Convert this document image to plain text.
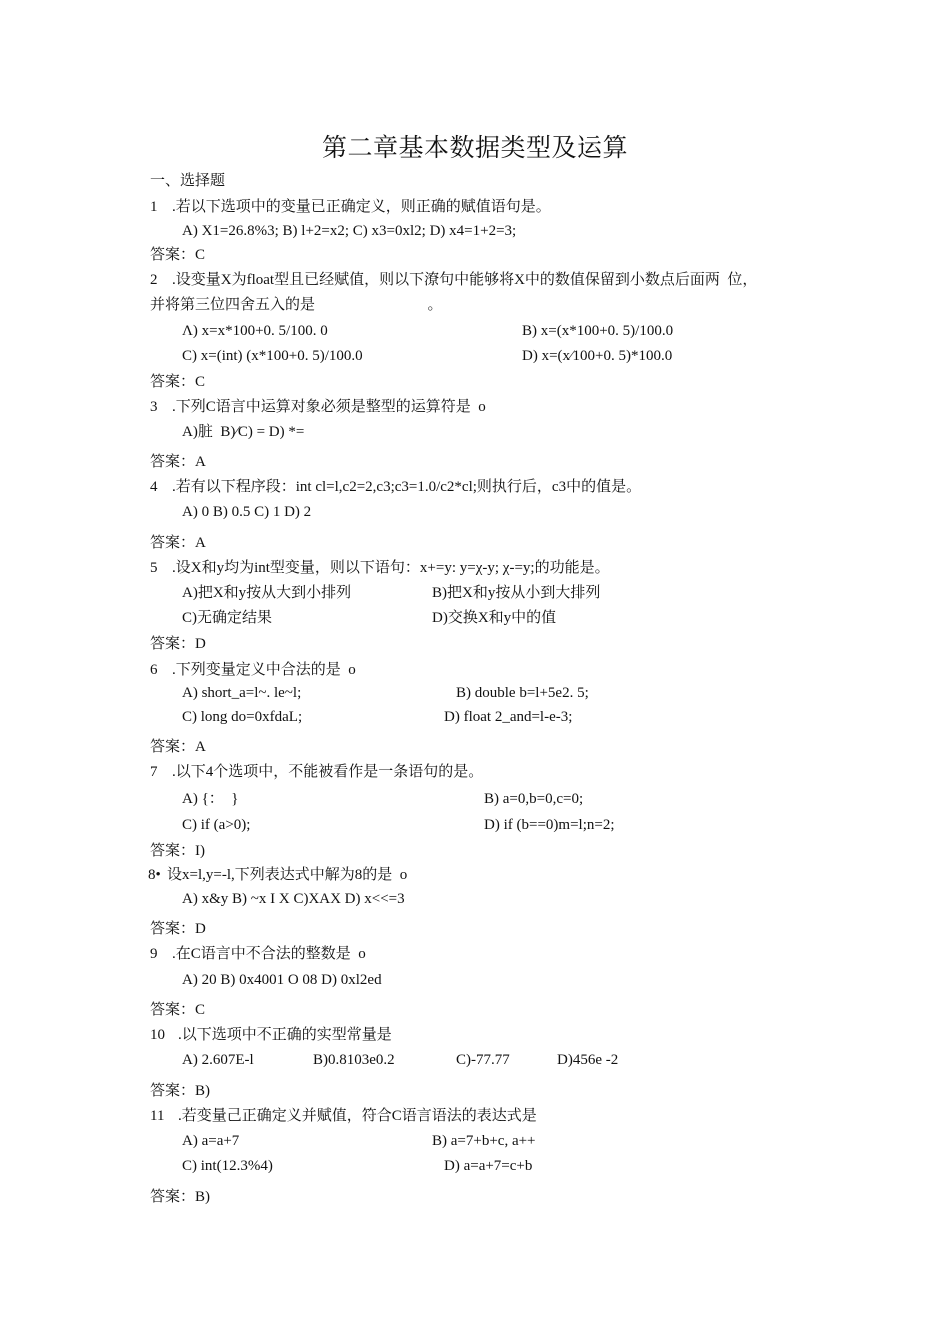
第二章基本数据类型及运算
一、选择题
1 .若以下选项中的变量已正确定义，则正确的赋值语句是。
A) X1=26.8%3; B) l+2=x2; C) x3=0xl2; D) x4=1+2=3;
答案：C
2 .设变量X为float型且已经赋值，则以下潦句中能够将X中的数值保留到小数点后面两  位，
并将第三位四舍五入的是                              。
Λ) x=x*100+0. 5/100. 0	B) x=(x*100+0. 5)/100.0
C) x=(int) (x*100+0. 5)/100.0	D) x=(x⁄100+0. 5)*100.0
答案：C
3 .下列C语言中运算对象必须是整型的运算符是  o
A)脏  B)∕C) = D) *=
答案：A
4 .若有以下程序段：int cl=l,c2=2,c3;c3=1.0/c2*cl;则执行后，c3中的值是。
A) 0 B) 0.5 C) 1 D) 2
答案：A
5 .设X和y均为int型变量，则以下语句：x+=y: y=χ-y; χ-=y;的功能是。
A)把X和y按从大到小排列	B)把X和y按从小到大排列
C)无确定结果	D)交换X和y中的值
答案：D
6 .下列变量定义中合法的是  o
A) short_a=l~. le~l;	B) double b=l+5e2. 5;
C) long do=0xfdaL;	D) float 2_and=l-e-3;
答案：A
7 .以下4个选项中，不能被看作是一条语句的是。
A) {：  }	B) a=0,b=0,c=0;
C) if (a>0);	D) if (b==0)m=l;n=2;
答案：I)
8• 设x=l,y=-l,下列表达式中解为8的是  o
A) x&y B) ~x I X C)XAX D) x<<=3
答案：D
9 .在C语言中不合法的整数是  o
A) 20 B) 0x4001 O 08 D) 0xl2ed
答案：C
10 .以下选项中不正确的实型常量是
A) 2.607E-l	B)0.8103e0.2	C)-77.77	D)456e -2
答案：B)
11 .若变量己正确定义并赋值，符合C语言语法的表达式是
A) a=a+7	B) a=7+b+c, a++
C) int(12.3%4)	D) a=a+7=c+b
答案：B)
